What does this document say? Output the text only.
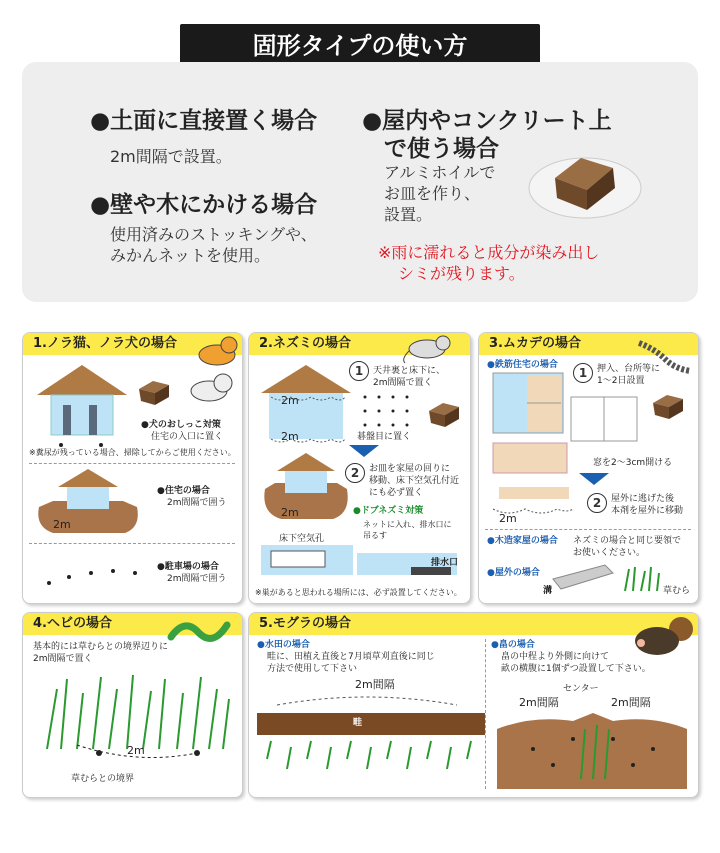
固形タイプの使い方
●土面に直接置く場合
2m間隔で設置。
●壁や木にかける場合
使用済みのストッキングや、
みかんネットを使用。
●屋内やコンクリート上
で使う場合
アルミホイルで
お皿を作り、
設置。
※雨に濡れると成分が染み出し
シミが残ります。
1.ノラ猫、ノラ犬の場合
●犬のおしっこ対策
住宅の入口に置く
※糞尿が残っている場合、掃除してからご使用ください。
2m
●住宅の場合
2m間隔で囲う
●駐車場の場合
2m間隔で囲う
2.ネズミの場合
2m
2m
1	天井裏と床下に、
2m間隔で置く
碁盤目に置く
2m
2	お皿を家屋の回りに
移動、床下空気孔付近
にも必ず置く
●ドブネズミ対策
ネットに入れ、排水口に
吊るす
床下空気孔
排水口
※巣があると思われる場所には、必ず設置してください。
3.ムカデの場合
●鉄筋住宅の場合
1	押入、台所等に
1～2日設置
窓を2～3cm開ける
2m
2	屋外に逃げた後
本剤を屋外に移動
●木造家屋の場合 ネズミの場合と同じ要領で
お使いください。
●屋外の場合
溝	草むら
4.ヘビの場合
基本的には草むらとの境界辺りに
2m間隔で置く
2m
草むらとの境界
5.モグラの場合
●水田の場合
畦に、田植え直後と7月頃草刈直後に同じ
方法で使用して下さい
2m間隔
畦
●畠の場合
畠の中程より外側に向けて
畝の横腹に1個ずつ設置して下さい。
センター
2m間隔	2m間隔
